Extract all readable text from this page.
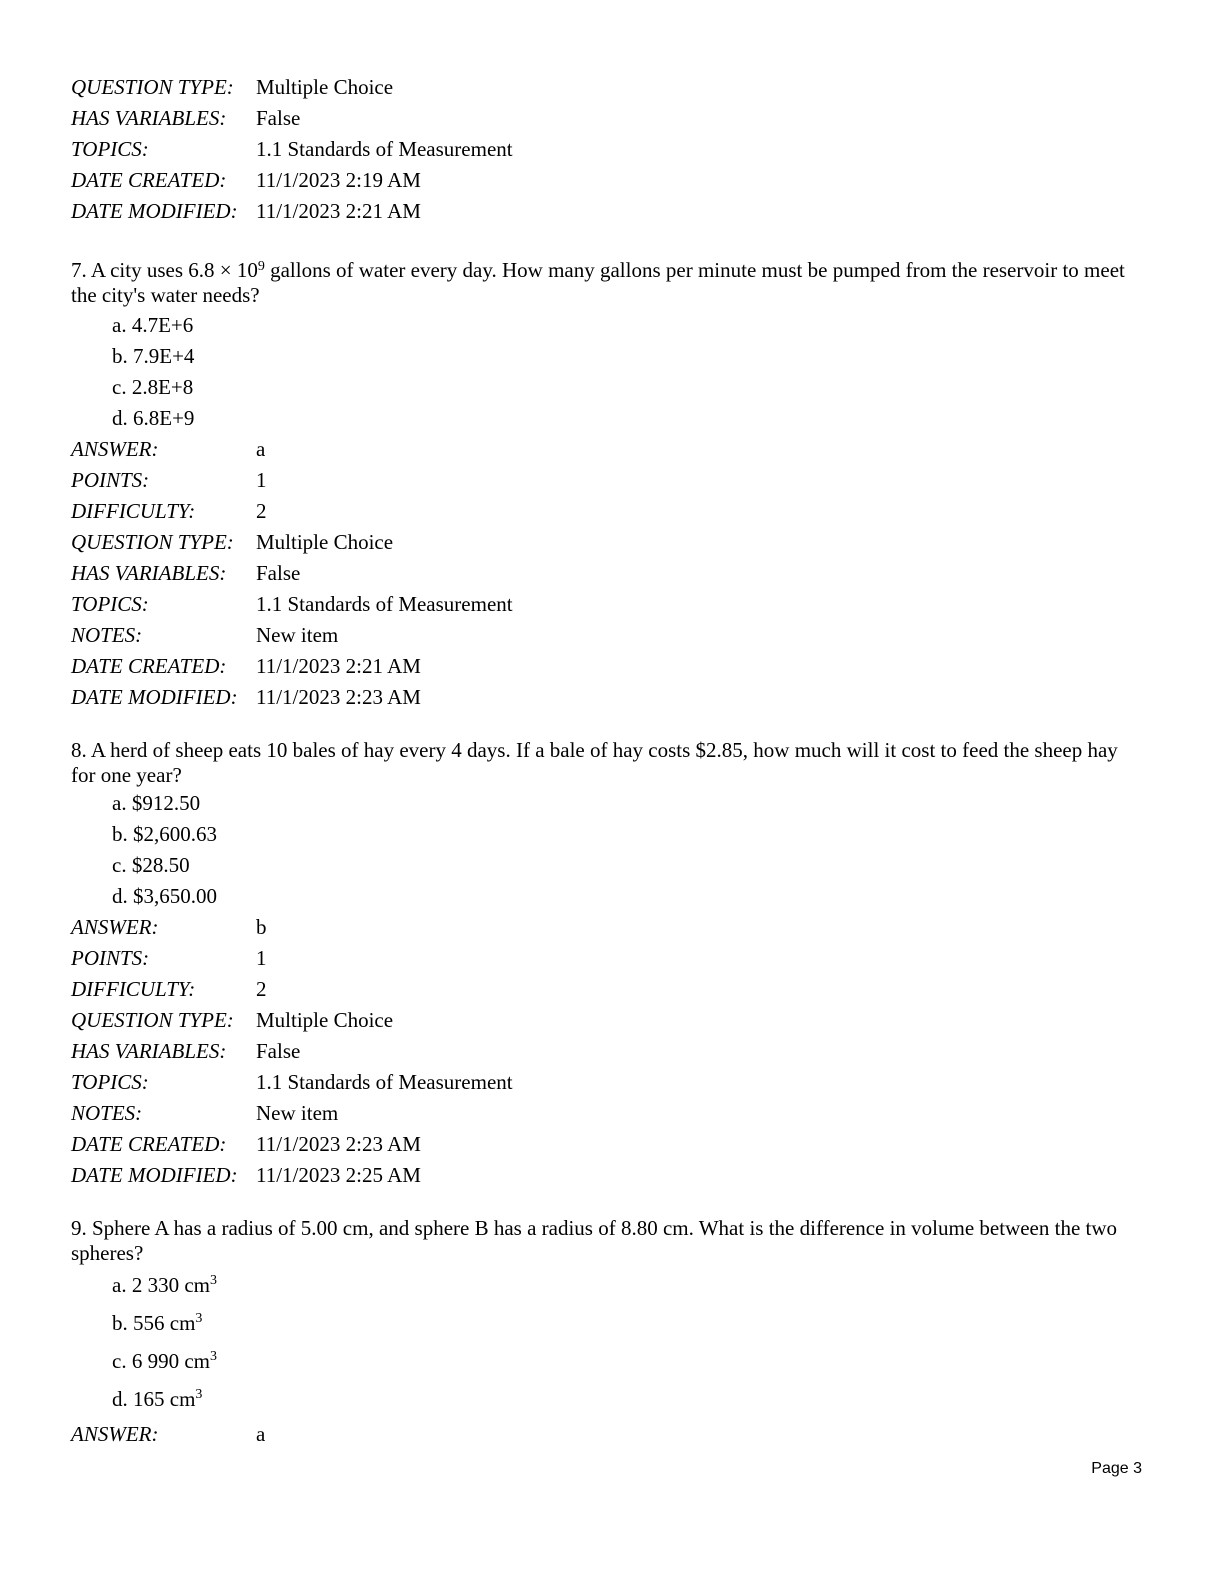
QUESTION TYPE: Multiple Choice
HAS VARIABLES: False
TOPICS:	1.1 Standards of Measurement
DATE CREATED: 11/1/2023 2:19 AM
DATE MODIFIED: 11/1/2023 2:21 AM
7. A city uses $6.8 \times 10^9$ gallons of water every day. How many gallons per minute must be pumped from the reservoir to meet the city's water needs?
a. 4.7E+6
b. 7.9E+4
c. 2.8E+8
d. 6.8E+9
ANSWER:	a
POINTS:	1
DIFFICULTY:	2
QUESTION TYPE: Multiple Choice
HAS VARIABLES: False
TOPICS:	1.1 Standards of Measurement
NOTES:	New item
DATE CREATED: 11/1/2023 2:21 AM
DATE MODIFIED: 11/1/2023 2:23 AM
8. A herd of sheep eats 10 bales of hay every 4 days. If a bale of hay costs $2.85, how much will it cost to feed the sheep hay for one year?
a. $912.50
b. $2,600.63
c. $28.50
d. $3,650.00
ANSWER:	b
POINTS:	1
DIFFICULTY:	2
QUESTION TYPE: Multiple Choice
HAS VARIABLES: False
TOPICS:	1.1 Standards of Measurement
NOTES:	New item
DATE CREATED: 11/1/2023 2:23 AM
DATE MODIFIED: 11/1/2023 2:25 AM
9. Sphere A has a radius of 5.00 cm, and sphere B has a radius of 8.80 cm. What is the difference in volume between the two spheres?
a. 2 330 $cm^3$
b. 556 $cm^3$
c. 6 990 $cm^3$
d. 165 $cm^3$
ANSWER:	a
Page 3
